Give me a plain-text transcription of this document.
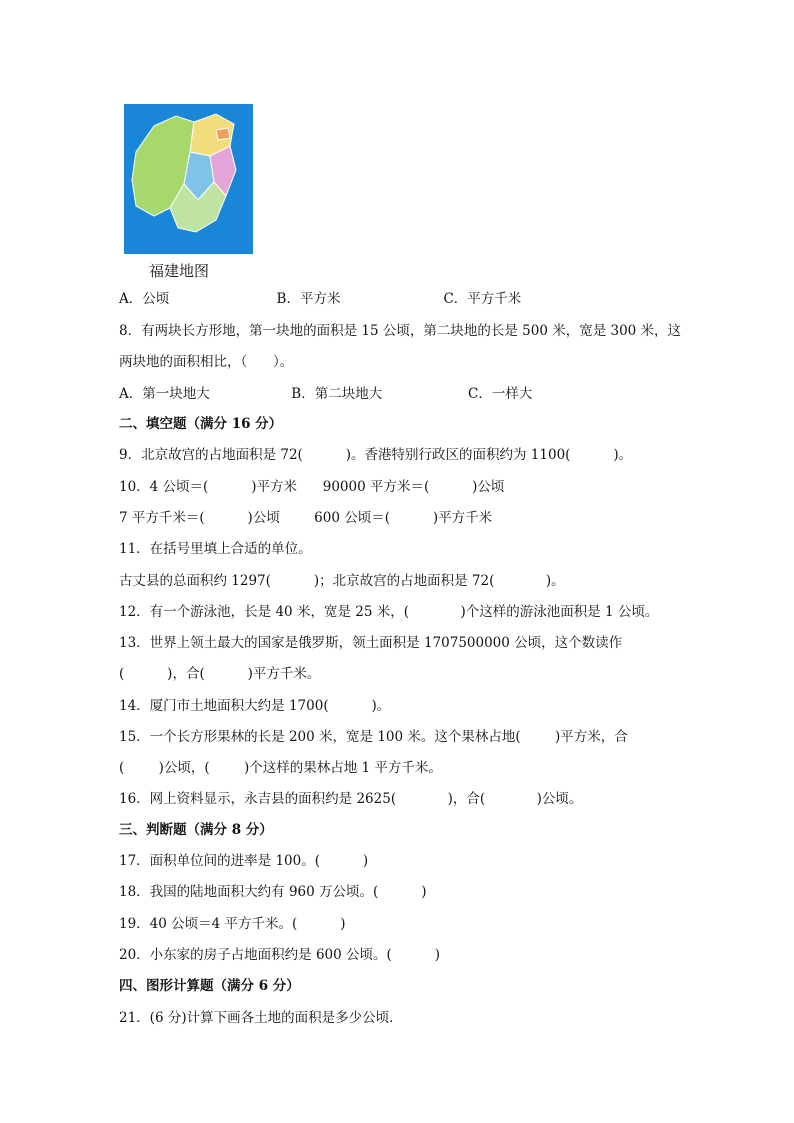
福建地图
A．公顷                         B．平方米                        C．平方千米
8．有两块长方形地，第一块地的面积是 15 公顷，第二块地的长是 500 米，宽是 300 米，这
两块地的面积相比，（      ）。
A．第一块地大                   B．第二块地大                    C．一样大
二、填空题（满分 16 分）
9．北京故宫的占地面积是 72(          )。香港特别行政区的面积约为 1100(          )。
10．4 公顷＝(          )平方米      90000 平方米＝(          )公顷
7 平方千米＝(          )公顷        600 公顷＝(          )平方千米
11．在括号里填上合适的单位。
古丈县的总面积约 1297(          )；北京故宫的占地面积是 72(            )。
12．有一个游泳池，长是 40 米，宽是 25 米，(            )个这样的游泳池面积是 1 公顷。
13．世界上领土最大的国家是俄罗斯，领土面积是 1707500000 公顷，这个数读作
(          )，合(          )平方千米。
14．厦门市土地面积大约是 1700(          )。
15．一个长方形果林的长是 200 米，宽是 100 米。这个果林占地(        )平方米，合
(        )公顷，(        )个这样的果林占地 1 平方千米。
16．网上资料显示，永吉县的面积约是 2625(            )，合(            )公顷。
三、判断题（满分 8 分）
17．面积单位间的进率是 100。(          )
18．我国的陆地面积大约有 960 万公顷。(          )
19．40 公顷＝4 平方千米。(          )
20．小东家的房子占地面积约是 600 公顷。(          )
四、图形计算题（满分 6 分）
21．(6 分)计算下画各土地的面积是多少公顷．
